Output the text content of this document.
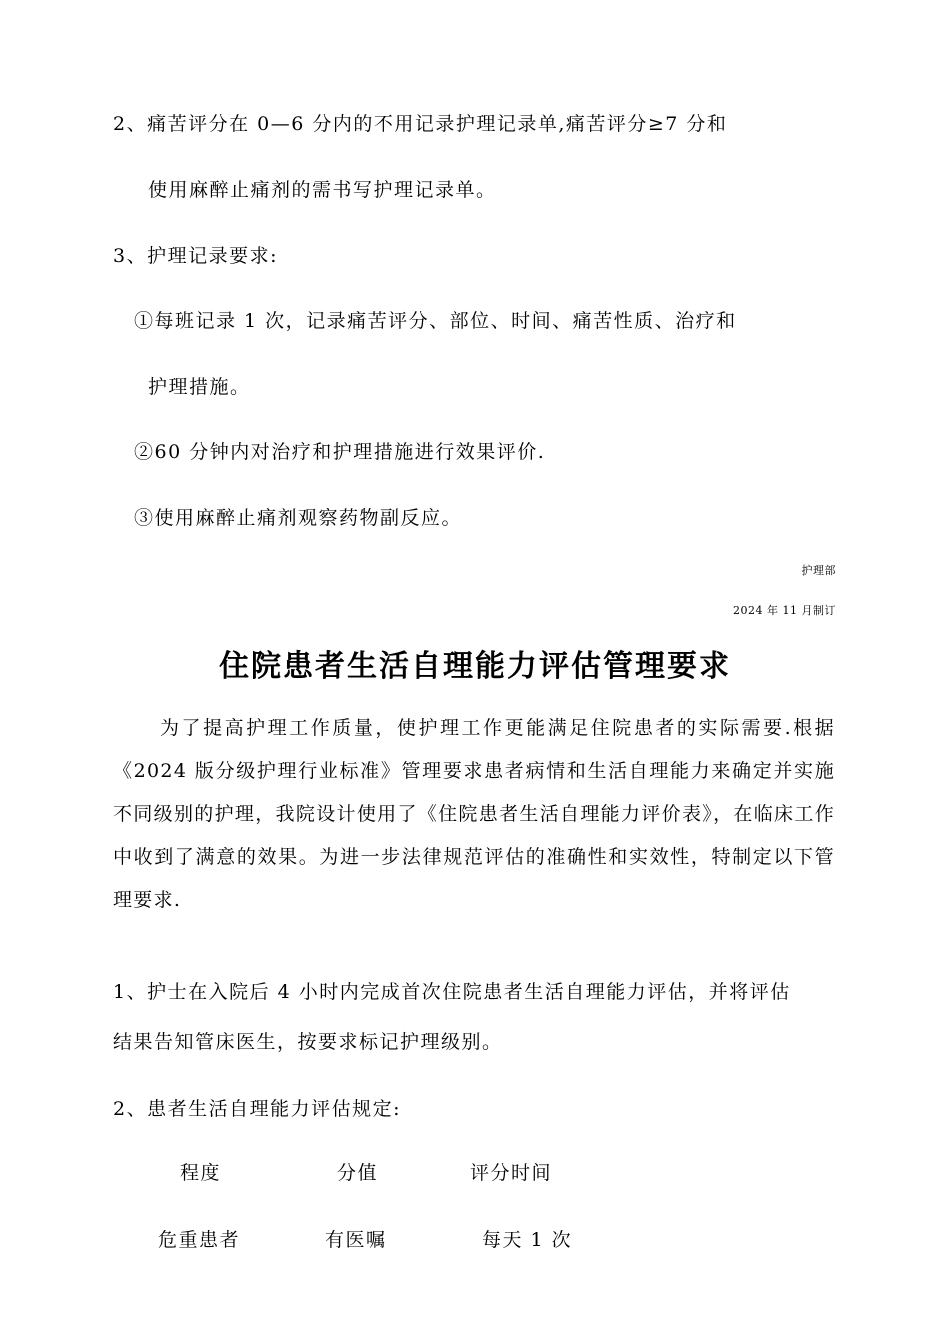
2、痛苦评分在 0—6 分内的不用记录护理记录单,痛苦评分≥7 分和
使用麻醉止痛剂的需书写护理记录单。
3、护理记录要求:
①每班记录 1 次，记录痛苦评分、部位、时间、痛苦性质、治疗和
护理措施。
②60 分钟内对治疗和护理措施进行效果评价.
③使用麻醉止痛剂观察药物副反应。
护理部
2024 年 11 月制订
住院患者生活自理能力评估管理要求

为了提高护理工作质量，使护理工作更能满足住院患者的实际需要.根据《2024 版分级护理行业标准》管理要求患者病情和生活自理能力来确定并实施不同级别的护理，我院设计使用了《住院患者生活自理能力评价表》，在临床工作中收到了满意的效果。为进一步法律规范评估的准确性和实效性，特制定以下管理要求.

1、护士在入院后 4 小时内完成首次住院患者生活自理能力评估，并将评估
结果告知管床医生，按要求标记护理级别。
2、患者生活自理能力评估规定:
程度	分值	评分时间
危重患者	有医嘱	每天 1 次
